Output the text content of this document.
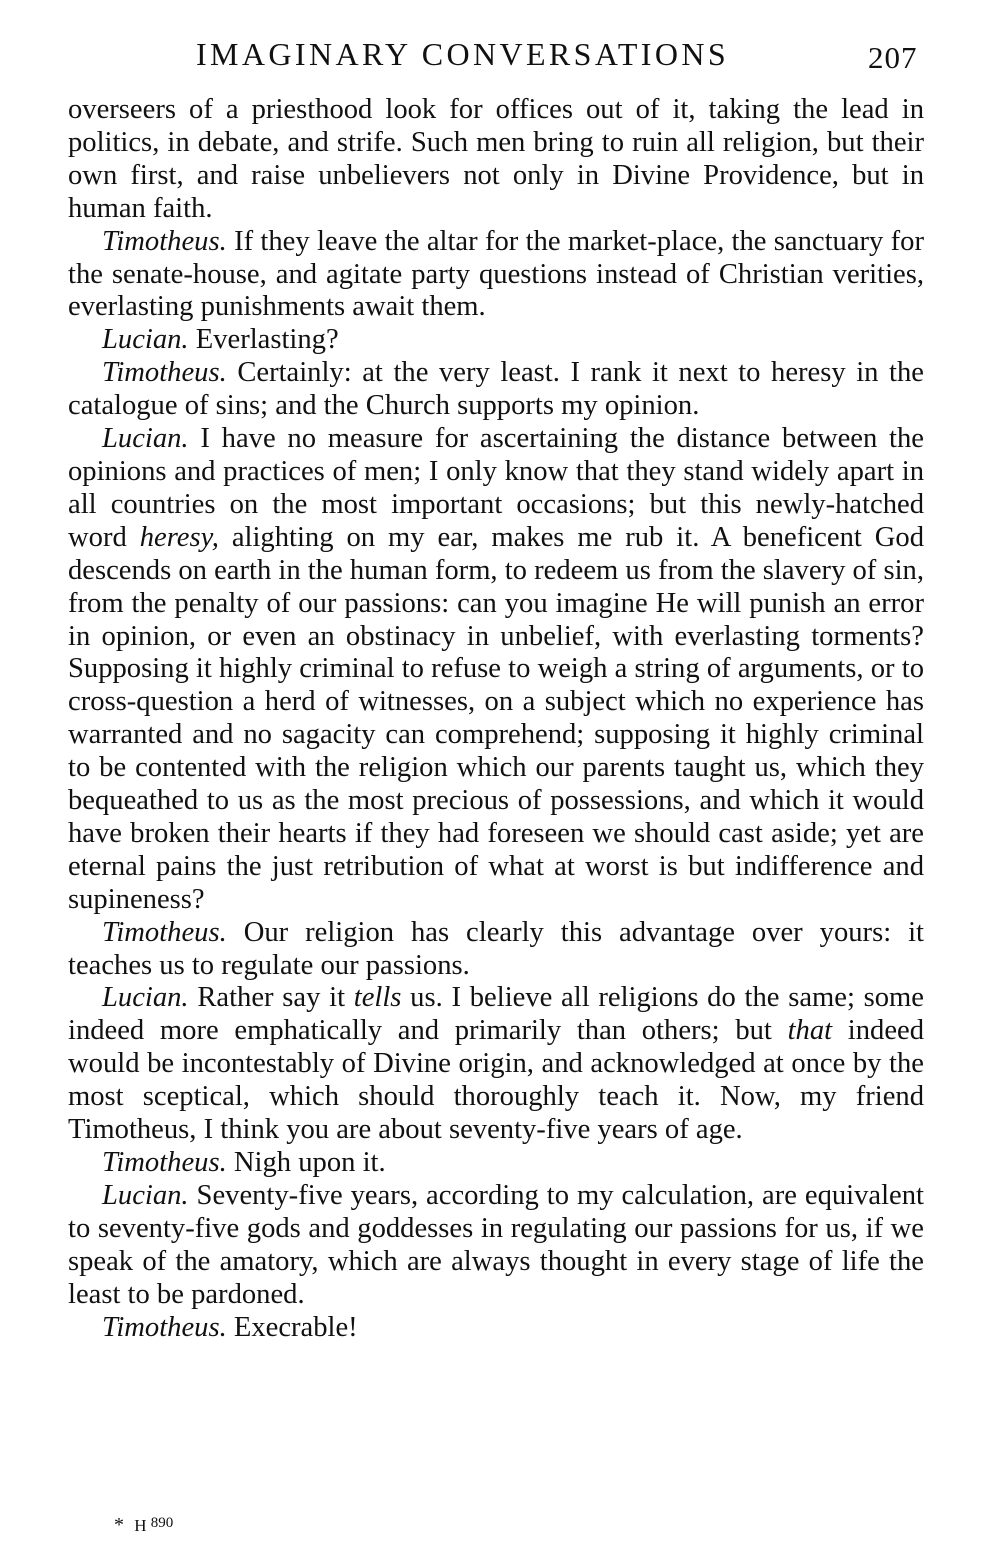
IMAGINARY CONVERSATIONS	207

overseers of a priesthood look for offices out of it, taking the lead in politics, in debate, and strife. Such men bring to ruin all religion, but their own first, and raise unbelievers not only in Divine Providence, but in human faith.

Timotheus. If they leave the altar for the market-place, the sanctuary for the senate-house, and agitate party questions instead of Christian verities, everlasting punishments await them.

Lucian. Everlasting?

Timotheus. Certainly: at the very least. I rank it next to heresy in the catalogue of sins; and the Church supports my opinion.

Lucian. I have no measure for ascertaining the distance between the opinions and practices of men; I only know that they stand widely apart in all countries on the most important occasions; but this newly-hatched word heresy, alighting on my ear, makes me rub it. A beneficent God descends on earth in the human form, to redeem us from the slavery of sin, from the penalty of our passions: can you imagine He will punish an error in opinion, or even an obstinacy in unbelief, with everlasting torments? Supposing it highly criminal to refuse to weigh a string of arguments, or to cross-question a herd of witnesses, on a subject which no experience has warranted and no sagacity can comprehend; supposing it highly criminal to be contented with the religion which our parents taught us, which they bequeathed to us as the most precious of possessions, and which it would have broken their hearts if they had foreseen we should cast aside; yet are eternal pains the just retribution of what at worst is but indifference and supineness?

Timotheus. Our religion has clearly this advantage over yours: it teaches us to regulate our passions.

Lucian. Rather say it tells us. I believe all religions do the same; some indeed more emphatically and primarily than others; but that indeed would be incontestably of Divine origin, and acknowledged at once by the most sceptical, which should thoroughly teach it. Now, my friend Timotheus, I think you are about seventy-five years of age.

Timotheus. Nigh upon it.

Lucian. Seventy-five years, according to my calculation, are equivalent to seventy-five gods and goddesses in regulating our passions for us, if we speak of the amatory, which are always thought in every stage of life the least to be pardoned.

Timotheus. Execrable!

* H 890
